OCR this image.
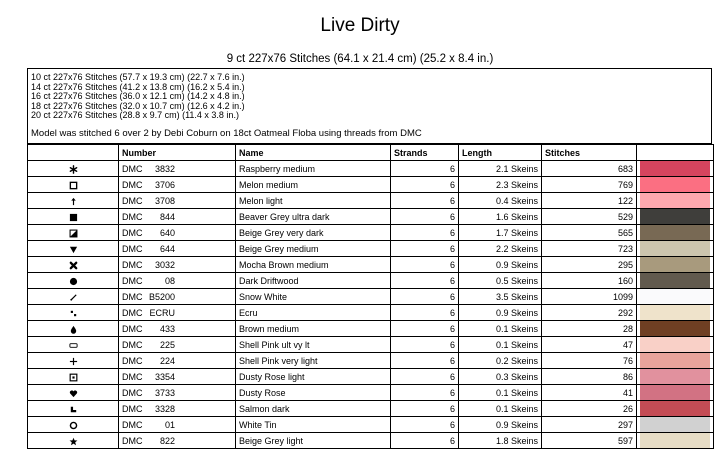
Live Dirty
9 ct 227x76 Stitches (64.1 x 21.4 cm) (25.2 x 8.4 in.)
10 ct 227x76 Stitches (57.7 x 19.3 cm) (22.7 x 7.6 in.)
14 ct 227x76 Stitches (41.2 x 13.8 cm) (16.2 x 5.4 in.)
16 ct 227x76 Stitches (36.0 x 12.1 cm) (14.2 x 4.8 in.)
18 ct 227x76 Stitches (32.0 x 10.7 cm) (12.6 x 4.2 in.)
20 ct 227x76 Stitches (28.8 x 9.7 cm) (11.4 x 3.8 in.)
Model was stitched 6 over 2 by Debi Coburn on 18ct Oatmeal Floba using threads from DMC
	Number	Name	Strands	Length	Stitches	
	DMC 3832	Raspberry medium	6	2.1 Skeins	683	

	DMC 3706	Melon medium	6	2.3 Skeins	769	

	DMC 3708	Melon light	6	0.4 Skeins	122	

	DMC 844	Beaver Grey ultra dark	6	1.6 Skeins	529	

	DMC 640	Beige Grey very dark	6	1.7 Skeins	565	

	DMC 644	Beige Grey medium	6	2.2 Skeins	723	

	DMC 3032	Mocha Brown medium	6	0.9 Skeins	295	

	DMC 08	Dark Driftwood	6	0.5 Skeins	160	

	DMC B5200	Snow White	6	3.5 Skeins	1099	

	DMC ECRU	Ecru	6	0.9 Skeins	292	

	DMC 433	Brown medium	6	0.1 Skeins	28	

	DMC 225	Shell Pink ult vy lt	6	0.1 Skeins	47	

	DMC 224	Shell Pink very light	6	0.2 Skeins	76	

	DMC 3354	Dusty Rose light	6	0.3 Skeins	86	

	DMC 3733	Dusty Rose	6	0.1 Skeins	41	

	DMC 3328	Salmon dark	6	0.1 Skeins	26	

	DMC 01	White Tin	6	0.9 Skeins	297	

	DMC 822	Beige Grey light	6	1.8 Skeins	597	
